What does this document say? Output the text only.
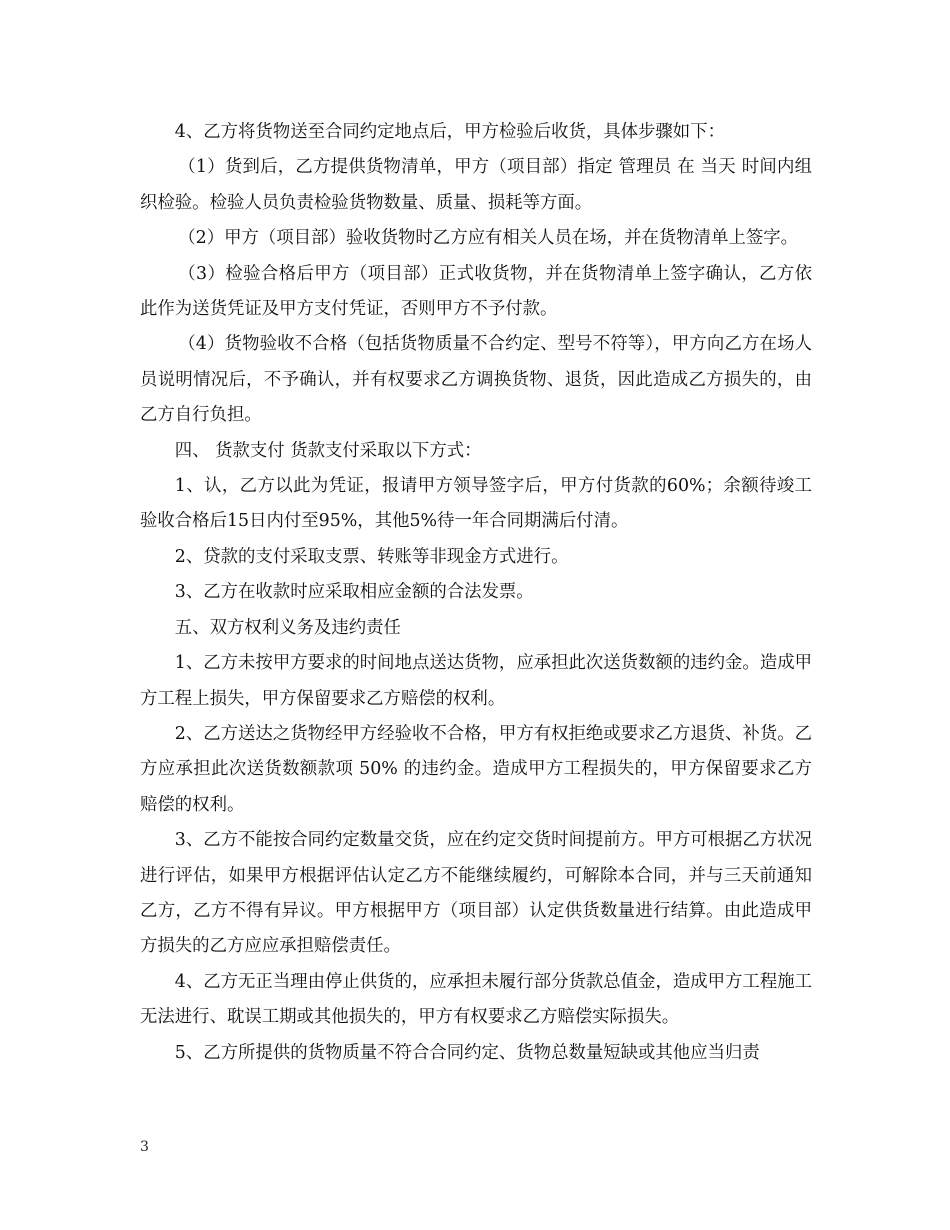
4、乙方将货物送至合同约定地点后，甲方检验后收货，具体步骤如下：

（1）货到后，乙方提供货物清单，甲方（项目部）指定 管理员 在 当天 时间内组织检验。检验人员负责检验货物数量、质量、损耗等方面。

（2）甲方（项目部）验收货物时乙方应有相关人员在场，并在货物清单上签字。

（3）检验合格后甲方（项目部）正式收货物，并在货物清单上签字确认，乙方依此作为送货凭证及甲方支付凭证，否则甲方不予付款。

（4）货物验收不合格（包括货物质量不合约定、型号不符等），甲方向乙方在场人员说明情况后，不予确认，并有权要求乙方调换货物、退货，因此造成乙方损失的，由乙方自行负担。

四、 货款支付 货款支付采取以下方式：

1、认，乙方以此为凭证，报请甲方领导签字后，甲方付货款的60%；余额待竣工验收合格后15日内付至95%，其他5%待一年合同期满后付清。

2、贷款的支付采取支票、转账等非现金方式进行。

3、乙方在收款时应采取相应金额的合法发票。

五、双方权利义务及违约责任

1、乙方未按甲方要求的时间地点送达货物，应承担此次送货数额的违约金。造成甲方工程上损失，甲方保留要求乙方赔偿的权利。

2、乙方送达之货物经甲方经验收不合格，甲方有权拒绝或要求乙方退货、补货。乙方应承担此次送货数额款项 50% 的违约金。造成甲方工程损失的，甲方保留要求乙方赔偿的权利。

3、乙方不能按合同约定数量交货，应在约定交货时间提前方。甲方可根据乙方状况进行评估，如果甲方根据评估认定乙方不能继续履约，可解除本合同，并与三天前通知乙方，乙方不得有异议。甲方根据甲方（项目部）认定供货数量进行结算。由此造成甲方损失的乙方应应承担赔偿责任。

4、乙方无正当理由停止供货的，应承担未履行部分货款总值金，造成甲方工程施工无法进行、耽误工期或其他损失的，甲方有权要求乙方赔偿实际损失。

5、乙方所提供的货物质量不符合合同约定、货物总数量短缺或其他应当归责

3
